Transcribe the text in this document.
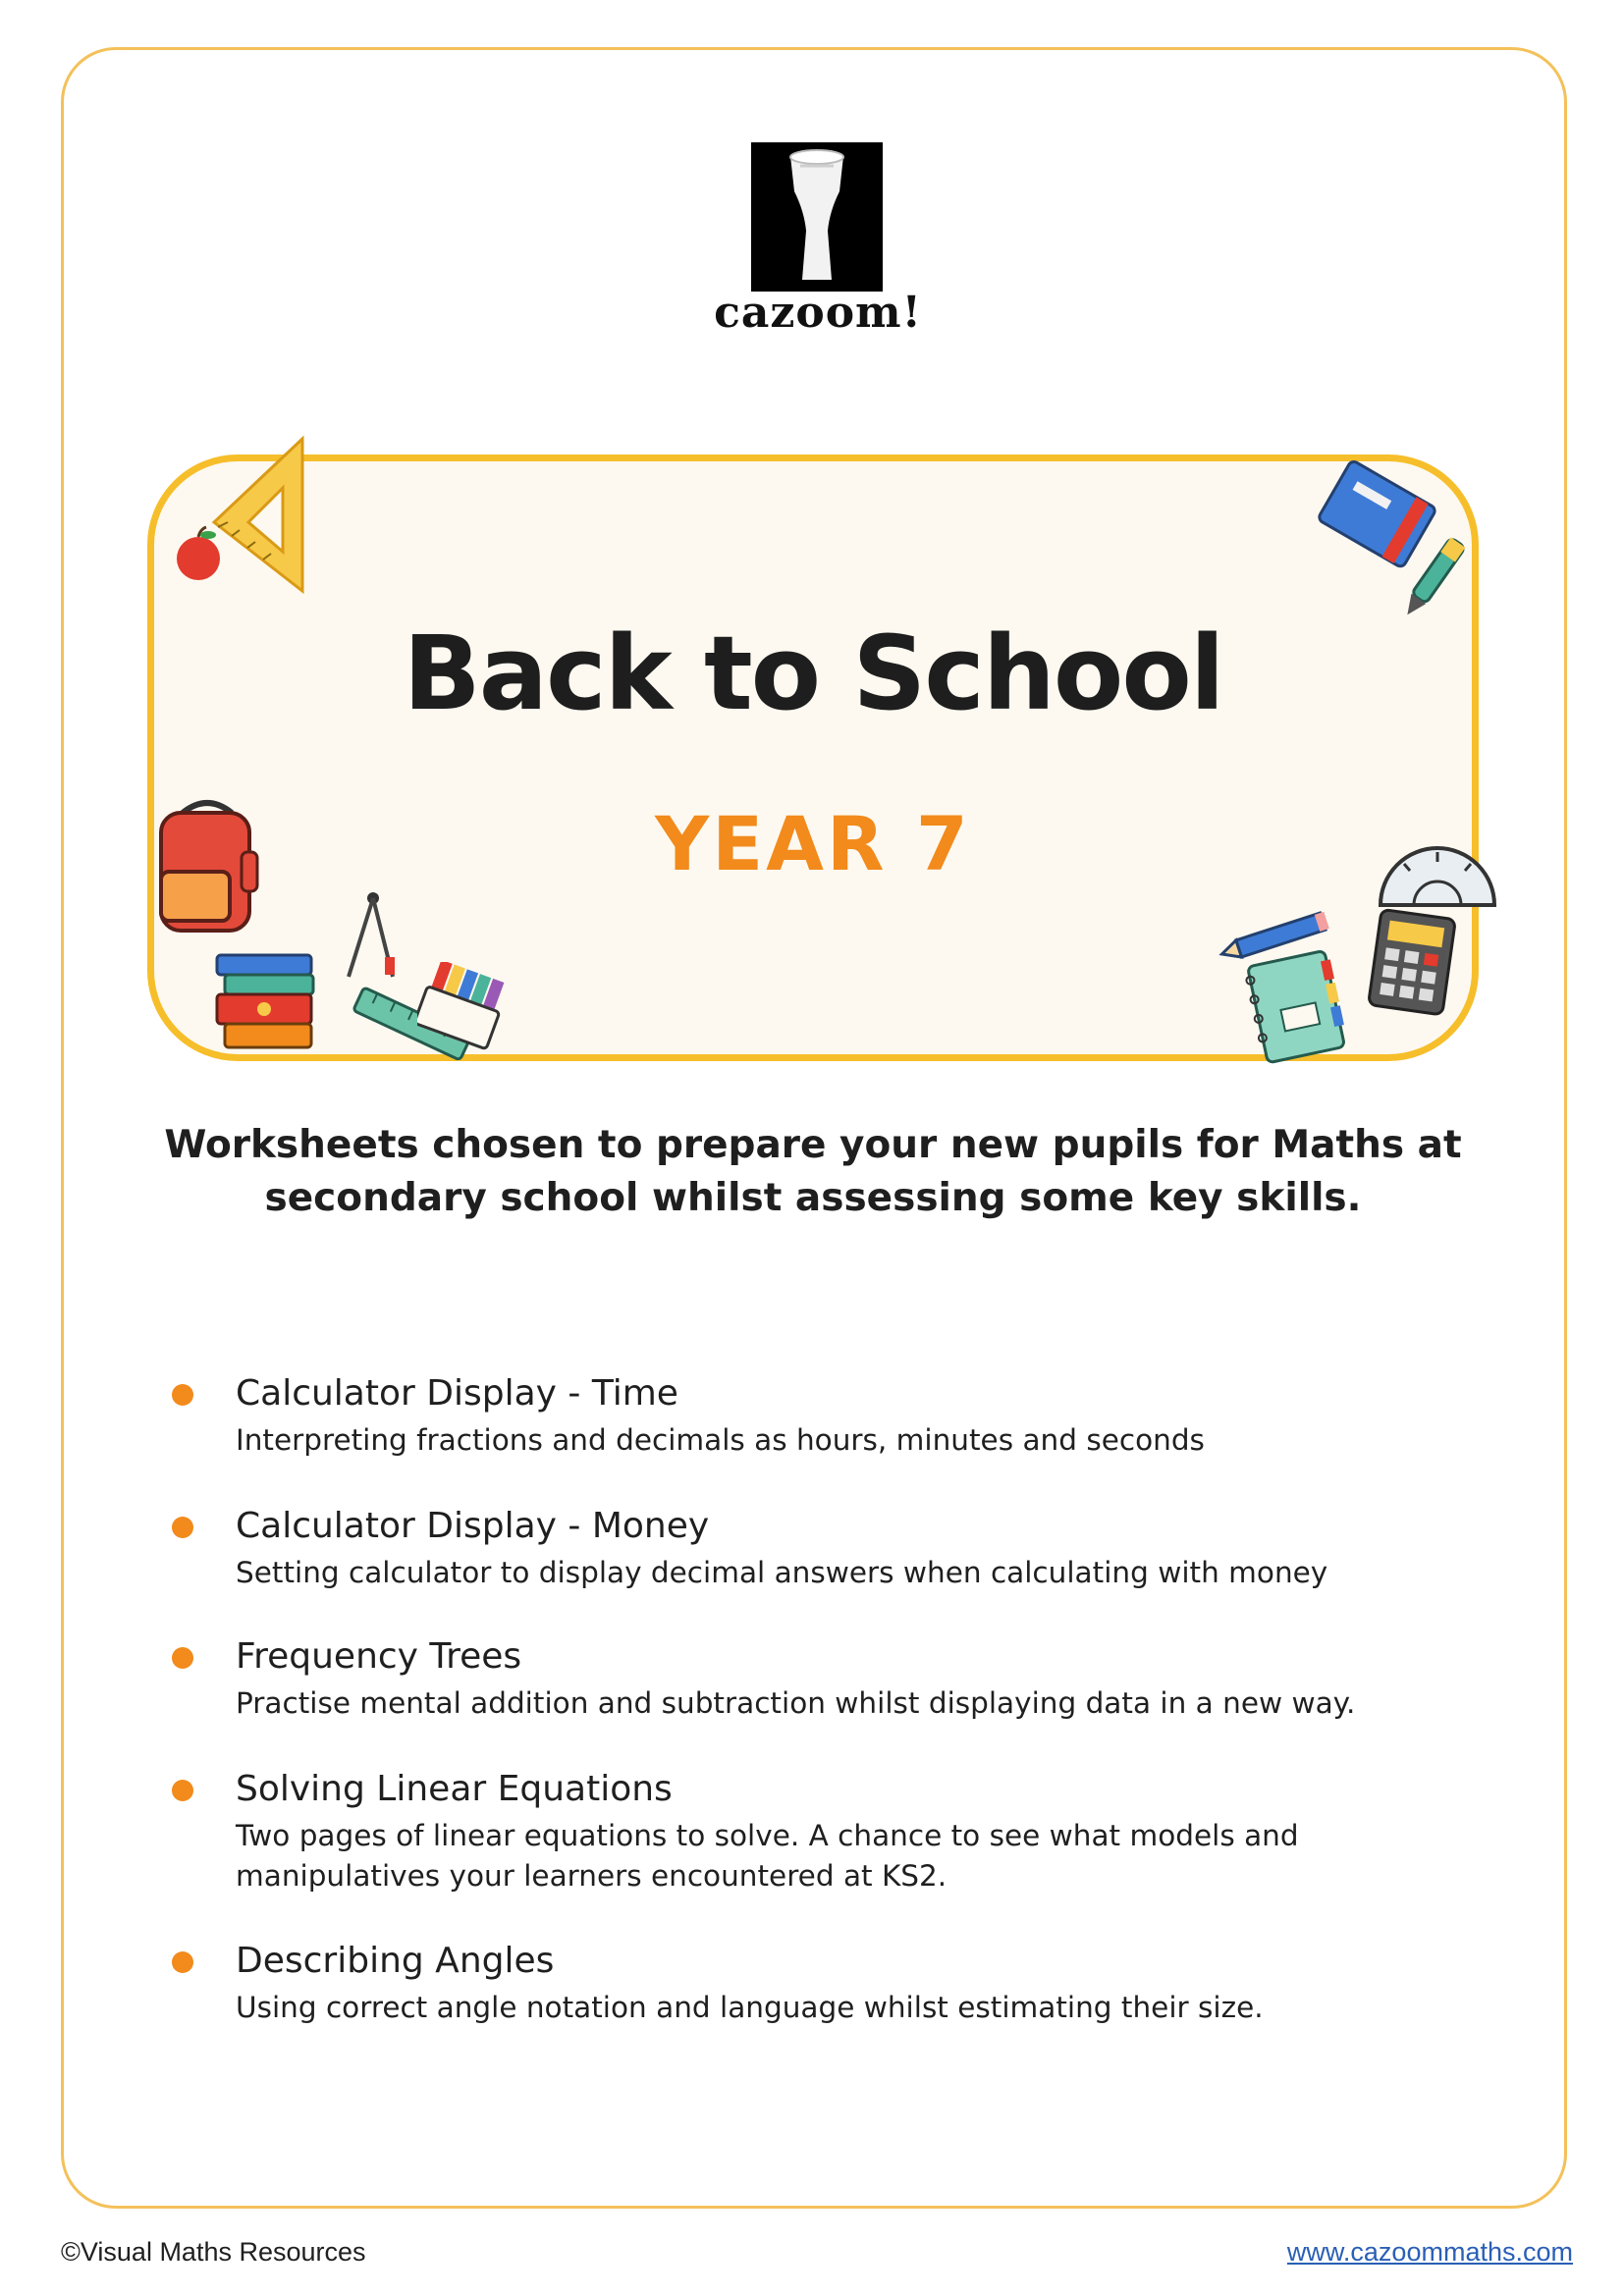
cazoom!
Back to School
YEAR 7
Worksheets chosen to prepare your new pupils for Maths at secondary school whilst assessing some key skills.
Calculator Display - Time
Interpreting fractions and decimals as hours, minutes and seconds
Calculator Display - Money
Setting calculator to display decimal answers when calculating with money
Frequency Trees
Practise mental addition and subtraction whilst displaying data in a new way.
Solving Linear Equations
Two pages of linear equations to solve. A chance to see what models and manipulatives your learners encountered at KS2.
Describing Angles
Using correct angle notation and language whilst estimating their size.
©Visual Maths Resources	www.cazoommaths.com
